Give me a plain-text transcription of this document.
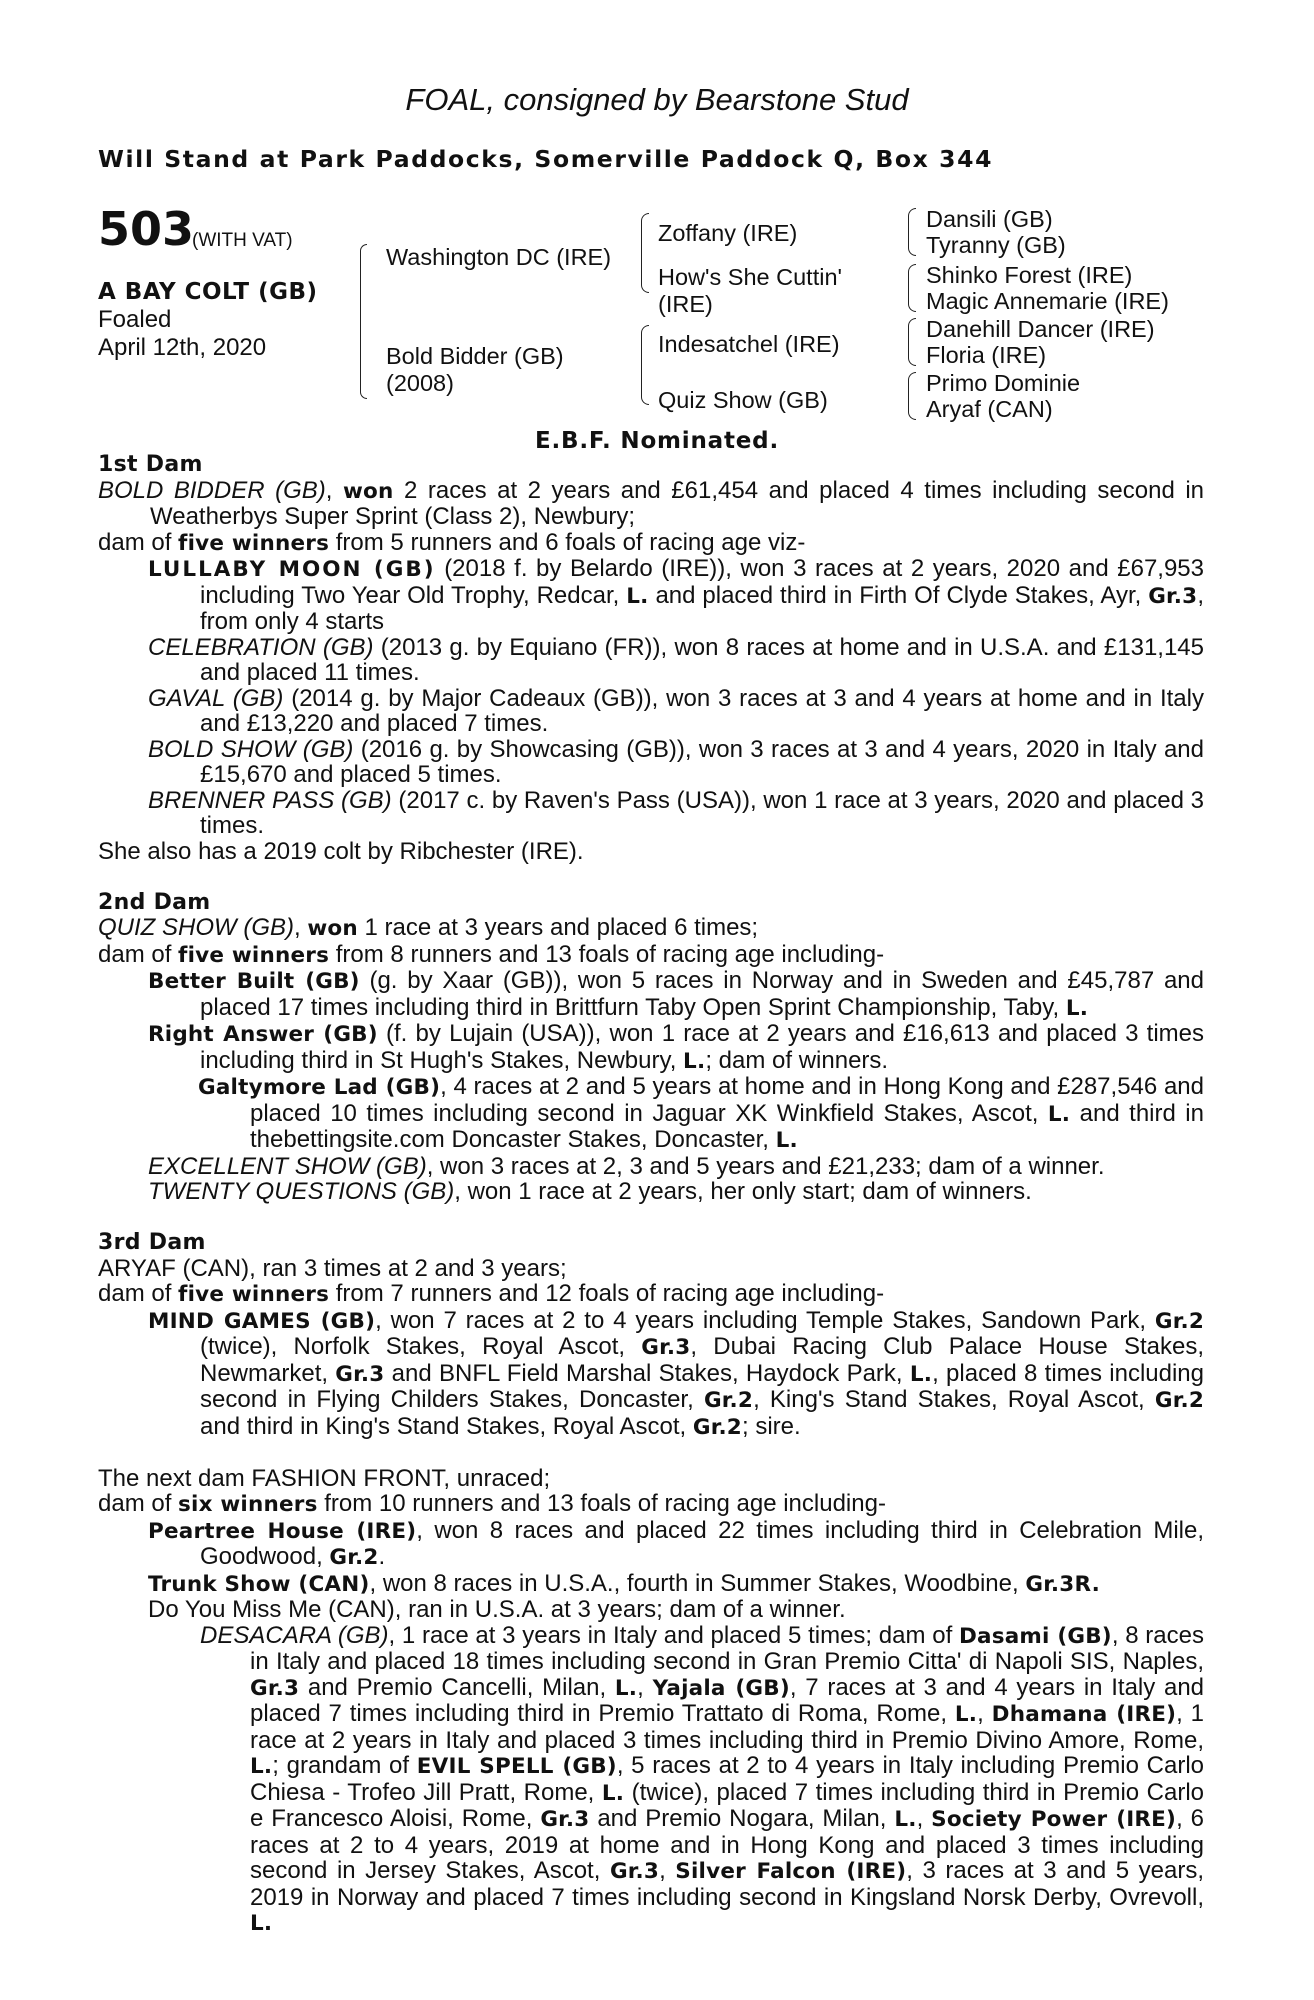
FOAL, consigned by Bearstone Stud
Will Stand at Park Paddocks, Somerville Paddock Q, Box 344
503
(WITH VAT)
A BAY COLT (GB)
Foaled
April 12th, 2020
Washington DC (IRE)
Bold Bidder (GB)
(2008)
Zoffany (IRE)
How's She Cuttin'
(IRE)
Indesatchel (IRE)
Quiz Show (GB)
Dansili (GB)
Tyranny (GB)
Shinko Forest (IRE)
Magic Annemarie (IRE)
Danehill Dancer (IRE)
Floria (IRE)
Primo Dominie
Aryaf (CAN)
E.B.F. Nominated.

1st Dam

BOLD BIDDER (GB), won 2 races at 2 years and £61,454 and placed 4 times including second in Weatherbys Super Sprint (Class 2), Newbury;

dam of five winners from 5 runners and 6 foals of racing age viz-

LULLABY MOON (GB) (2018 f. by Belardo (IRE)), won 3 races at 2 years, 2020 and £67,953 including Two Year Old Trophy, Redcar, L. and placed third in Firth Of Clyde Stakes, Ayr, Gr.3, from only 4 starts

CELEBRATION (GB) (2013 g. by Equiano (FR)), won 8 races at home and in U.S.A. and £131,145 and placed 11 times.

GAVAL (GB) (2014 g. by Major Cadeaux (GB)), won 3 races at 3 and 4 years at home and in Italy and £13,220 and placed 7 times.

BOLD SHOW (GB) (2016 g. by Showcasing (GB)), won 3 races at 3 and 4 years, 2020 in Italy and £15,670 and placed 5 times.

BRENNER PASS (GB) (2017 c. by Raven's Pass (USA)), won 1 race at 3 years, 2020 and placed 3 times.

She also has a 2019 colt by Ribchester (IRE).

2nd Dam

QUIZ SHOW (GB), won 1 race at 3 years and placed 6 times;

dam of five winners from 8 runners and 13 foals of racing age including-

Better Built (GB) (g. by Xaar (GB)), won 5 races in Norway and in Sweden and £45,787 and placed 17 times including third in Brittfurn Taby Open Sprint Championship, Taby, L.

Right Answer (GB) (f. by Lujain (USA)), won 1 race at 2 years and £16,613 and placed 3 times including third in St Hugh's Stakes, Newbury, L.; dam of winners.

Galtymore Lad (GB), 4 races at 2 and 5 years at home and in Hong Kong and £287,546 and placed 10 times including second in Jaguar XK Winkfield Stakes, Ascot, L. and third in thebettingsite.com Doncaster Stakes, Doncaster, L.

EXCELLENT SHOW (GB), won 3 races at 2, 3 and 5 years and £21,233; dam of a winner.

TWENTY QUESTIONS (GB), won 1 race at 2 years, her only start; dam of winners.

3rd Dam

ARYAF (CAN), ran 3 times at 2 and 3 years;

dam of five winners from 7 runners and 12 foals of racing age including-

MIND GAMES (GB), won 7 races at 2 to 4 years including Temple Stakes, Sandown Park, Gr.2 (twice), Norfolk Stakes, Royal Ascot, Gr.3, Dubai Racing Club Palace House Stakes, Newmarket, Gr.3 and BNFL Field Marshal Stakes, Haydock Park, L., placed 8 times including second in Flying Childers Stakes, Doncaster, Gr.2, King's Stand Stakes, Royal Ascot, Gr.2 and third in King's Stand Stakes, Royal Ascot, Gr.2; sire.

The next dam FASHION FRONT, unraced;

dam of six winners from 10 runners and 13 foals of racing age including-

Peartree House (IRE), won 8 races and placed 22 times including third in Celebration Mile, Goodwood, Gr.2.

Trunk Show (CAN), won 8 races in U.S.A., fourth in Summer Stakes, Woodbine, Gr.3R.

Do You Miss Me (CAN), ran in U.S.A. at 3 years; dam of a winner.

DESACARA (GB), 1 race at 3 years in Italy and placed 5 times; dam of Dasami (GB), 8 races in Italy and placed 18 times including second in Gran Premio Citta' di Napoli SIS, Naples, Gr.3 and Premio Cancelli, Milan, L., Yajala (GB), 7 races at 3 and 4 years in Italy and placed 7 times including third in Premio Trattato di Roma, Rome, L., Dhamana (IRE), 1 race at 2 years in Italy and placed 3 times including third in Premio Divino Amore, Rome, L.; grandam of EVIL SPELL (GB), 5 races at 2 to 4 years in Italy including Premio Carlo Chiesa - Trofeo Jill Pratt, Rome, L. (twice), placed 7 times including third in Premio Carlo e Francesco Aloisi, Rome, Gr.3 and Premio Nogara, Milan, L., Society Power (IRE), 6 races at 2 to 4 years, 2019 at home and in Hong Kong and placed 3 times including second in Jersey Stakes, Ascot, Gr.3, Silver Falcon (IRE), 3 races at 3 and 5 years, 2019 in Norway and placed 7 times including second in Kingsland Norsk Derby, Ovrevoll, L.
